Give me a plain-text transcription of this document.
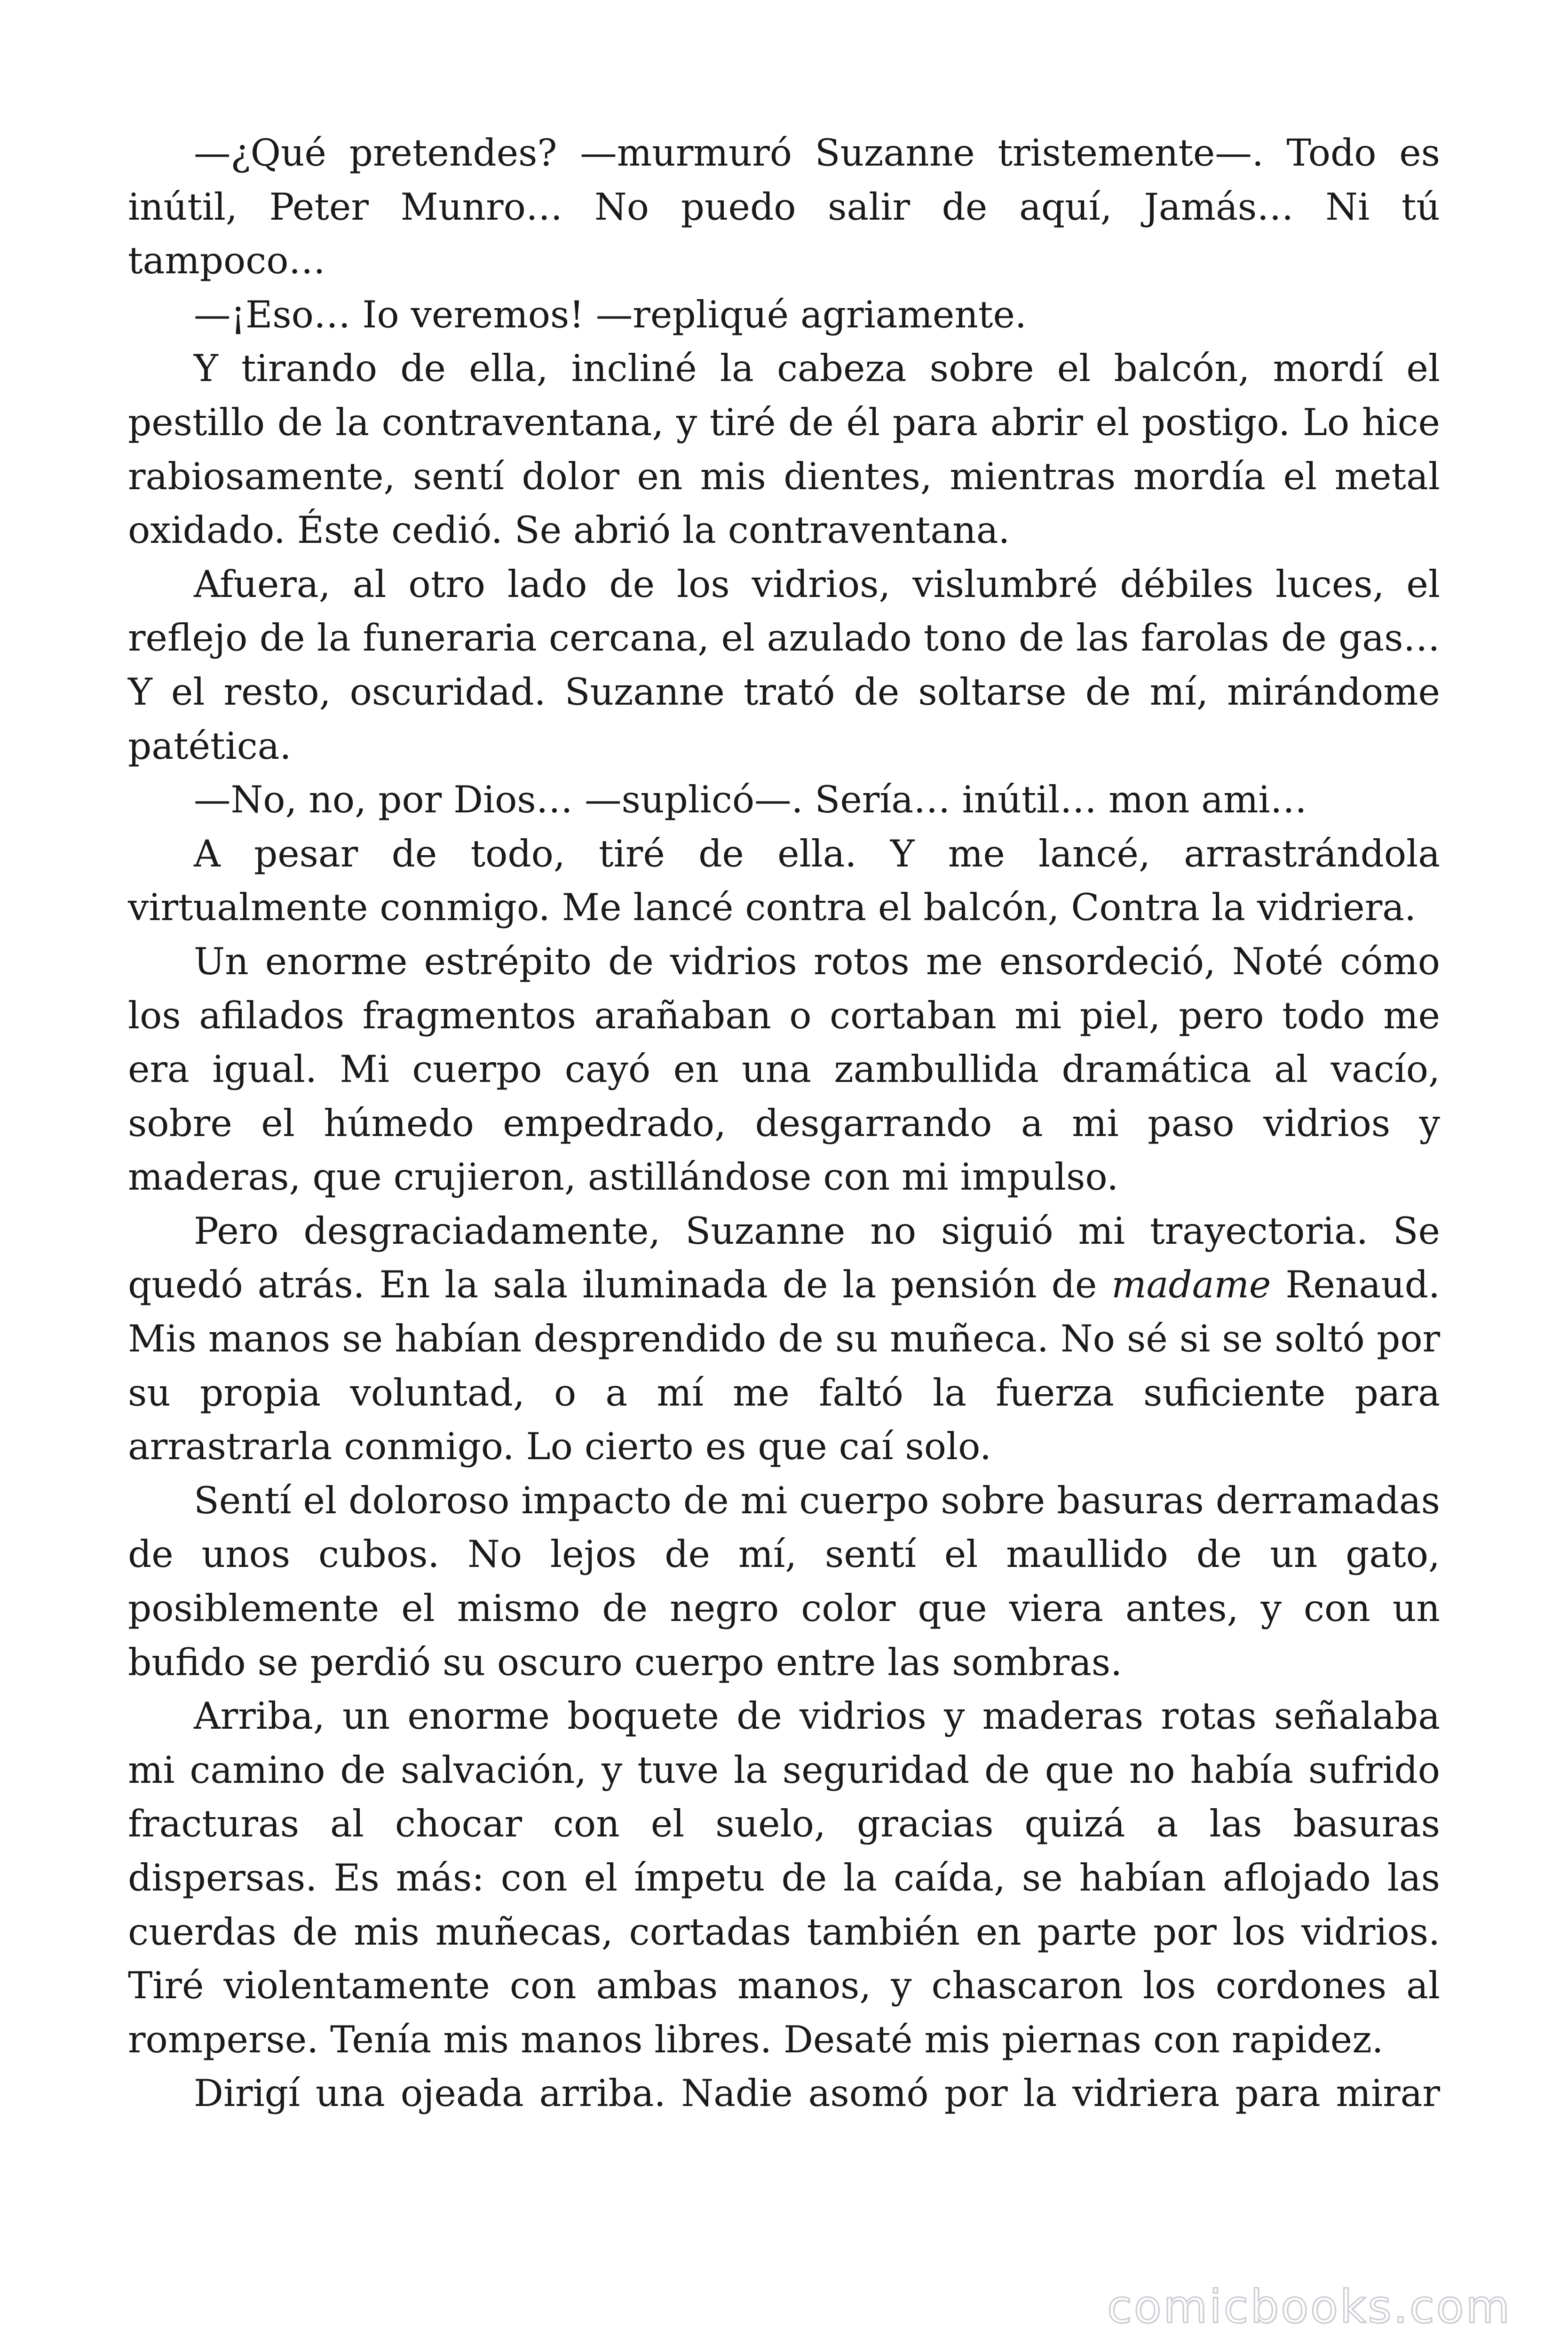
—¿Qué pretendes? —murmuró Suzanne tristemente—. Todo es inútil, Peter Munro… No puedo salir de aquí, Jamás… Ni tú tampoco…

—¡Eso… Io veremos! —repliqué agriamente.

Y tirando de ella, incliné la cabeza sobre el balcón, mordí el pestillo de la contraventana, y tiré de él para abrir el postigo. Lo hice rabiosamente, sentí dolor en mis dientes, mientras mordía el metal oxidado. Éste cedió. Se abrió la contraventana.

Afuera, al otro lado de los vidrios, vislumbré débiles luces, el reflejo de la funeraria cercana, el azulado tono de las farolas de gas… Y el resto, oscuridad. Suzanne trató de soltarse de mí, mirándome patética.

—No, no, por Dios… —suplicó—. Sería… inútil… mon ami…

A pesar de todo, tiré de ella. Y me lancé, arrastrándola virtualmente conmigo. Me lancé contra el balcón, Contra la vidriera.

Un enorme estrépito de vidrios rotos me ensordeció, Noté cómo los afilados fragmentos arañaban o cortaban mi piel, pero todo me era igual. Mi cuerpo cayó en una zambullida dramática al vacío, sobre el húmedo empedrado, desgarrando a mi paso vidrios y maderas, que crujieron, astillándose con mi impulso.

Pero desgraciadamente, Suzanne no siguió mi trayectoria. Se quedó atrás. En la sala iluminada de la pensión de madame Renaud. Mis manos se habían desprendido de su muñeca. No sé si se soltó por su propia voluntad, o a mí me faltó la fuerza suficiente para arrastrarla conmigo. Lo cierto es que caí solo.

Sentí el doloroso impacto de mi cuerpo sobre basuras derramadas de unos cubos. No lejos de mí, sentí el maullido de un gato, posiblemente el mismo de negro color que viera antes, y con un bufido se perdió su oscuro cuerpo entre las sombras.

Arriba, un enorme boquete de vidrios y maderas rotas señalaba mi camino de salvación, y tuve la seguridad de que no había sufrido fracturas al chocar con el suelo, gracias quizá a las basuras dispersas. Es más: con el ímpetu de la caída, se habían aflojado las cuerdas de mis muñecas, cortadas también en parte por los vidrios. Tiré violentamente con ambas manos, y chascaron los cordones al romperse. Tenía mis manos libres. Desaté mis piernas con rapidez.

Dirigí una ojeada arriba. Nadie asomó por la vidriera para mirar

comicbooks.com
